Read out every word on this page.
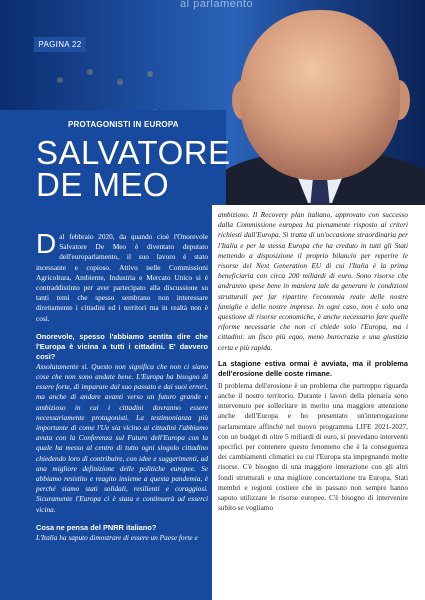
al parlamento
PAGINA 22
PROTAGONISTI IN EUROPA
SALVATORE
DE MEO

Dal febbraio 2020, da quando cioè l'Onorevole Salvatore De Meo è diventato deputato dell'europarlamento, il suo lavoro è stato incessante e copioso. Attivo nelle Commissioni Agricoltura, Ambiente, Industria e Mercato Unico si è contraddistinto per aver partecipato alla discussione su tanti temi che spesso sembrano non interessare direttamente i cittadini ed i territori ma in realtà non è così.

Onorevole, spesso l'abbiamo sentita dire che l'Europa è vicina a tutti i cittadini. E' davvero così?

Assolutamente sì. Questo non significa che non ci siano cose che non sono andate bene. L'Europa ha bisogno di essere forte, di imparare dal suo passato e dai suoi errori, ma anche di andare avanti verso un futuro grande e ambizioso in cui i cittadini dovranno essere necessariamente protagonisti. La testimonianza più importante di come l'Ue sia vicino ai cittadini l'abbiamo avuta con la Conferenza sul Futuro dell'Europa con la quale ha messo al centro di tutto ogni singolo cittadino chiedendo loro di contribuire, con idee e suggerimenti, ad una migliore definizione delle politiche europee. Se abbiamo resistito e reagito insieme a questa pandemia, è perché siamo stati solidali, resilienti e coraggiosi. Sicuramente l'Europa ci è stata e continuerà ad esserci vicina.

Cosa ne pensa del PNRR italiano?

L'Italia ha saputo dimostrare di essere un Paese forte e

ambizioso. Il Recovery plan italiano, approvato con successo dalla Commissione europea ha pienamente risposto ai criteri richiesti dall'Europa. Si tratta di un'occasione straordinaria per l'Italia e per la stessa Europa che ha creduto in tutti gli Stati mettendo a disposizione il proprio bilancio per reperire le risorse del Next Generation EU di cui l'Italia è la prima beneficiaria con circa 200 miliardi di euro. Sono risorse che andranno spese bene in maniera tale da generare le condizioni strutturali per far ripartire l'economia reale delle nostre famiglie e delle nostre imprese. In ogni caso, non è solo una questione di risorse economiche, è anche necessario fare quelle riforme necessarie che non ci chiede solo l'Europa, ma i cittadini: un fisco più equo, meno burocrazia e una giustizia certa e più rapida.

La stagione estiva ormai è avviata, ma il problema dell'erosione delle coste rimane.

Il problema dell'erosione è un problema che purtroppo riguarda anche il nostro territorio. Durante i lavori della plenaria sono intervenuto per sollecitare in merito una maggiore attenzione anche dell'Europa e ho presentato un'interrogazione parlamentare affinché nel nuovo programma LIFE 2021-2027, con un budget di oltre 5 miliardi di euro, si prevedano interventi specifici per contenere questo fenomeno che è la conseguenza dei cambiamenti climatici su cui l'Europa sta impegnando molte risorse. C'è bisogno di una maggiore interazione con gli altri fondi strutturali e una migliore concertazione tra Europa, Stati membri e regioni costiere che in passato non sempre hanno saputo utilizzare le risorse europee. C'è bisogno di intervenire subito se vogliamo
